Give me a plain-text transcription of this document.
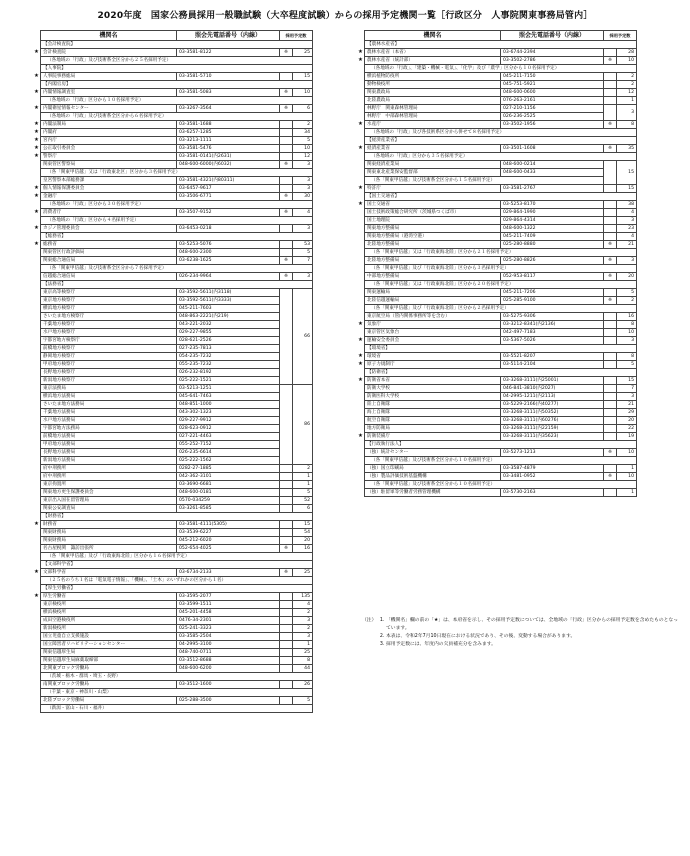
2020年度　国家公務員採用一般職試験（大卒程度試験）からの採用予定機関一覧［行政区分　人事院関東事務局管内］
機関名	照会先電話番号（内線）	採用予定数	
【会計検査院】			

★ 会計検査院	03-3581-8122	※	25
（各地域の「行政」及び技術系全区分から２５名採用予定）			
【人事院】			

★ 人事院事務総局	03-3581-5710		15
【内閣官房】			

★ 内閣情報調査室	03-3581-5083	※	10
（各地域の「行政」区分から１０名採用予定）			

★ 内閣衛星情報センター	03-3267-3564	※	6
（各地域の「行政」及び技術系全区分から６名採用予定）			

★ 内閣法制局	03-3581-1688		2

★ 内閣府	03-6257-1285		34

★ 宮内庁	03-3213-1111		5

★ 公正取引委員会	03-3581-5476		10

★ 警察庁	03-3581-0141(内2631)		12
関東管区警察局	048-600-6000(内6032)	※	3
（各「関東甲信越」又は「行政東北区」区分から３名採用予定）			
皇宮警察本部総務課	03-3581-4321(内80311)		3

★ 個人情報保護委員会	03-6457-9617		3

★ 金融庁	03-3506-6771	※	30
（各地域の「行政」区分から３０名採用予定）			

★ 消費者庁	03-3507-9152	※	4
（各地域の「行政」区分から４名採用予定）			

★ カジノ管理委員会	03-6453-0218		3
【総務省】			

★ 総務省	03-5253-5076		53
関東管区行政評価局	048-600-2300		5
関東総合通信局	03-6238-1625	※	7
（各「関東甲信越」及び技術系全区分から７名採用予定）			
信越総合通信局	026-234-9964	※	3
【法務省】			
東京高等検察庁	03-3592-5611(内3118)		66
東京地方検察庁	03-3592-5611(内3333)		
横浜地方検察庁	045-211-7603		
さいたま地方検察庁	048-863-2221(内219)		
千葉地方検察庁	043-221-2032		
水戸地方検察庁	029-227-9855		
宇都宮地方検察庁	028-621-2526		
前橋地方検察庁	027-235-7813		
静岡地方検察庁	054-235-7232		
甲府地方検察庁	055-235-7232		
長野地方検察庁	026-232-8192		
新潟地方検察庁	025-222-1521		
東京法務局	03-5213-1251		86
横浜地方法務局	045-641-7463		
さいたま地方法務局	048-851-1000		
千葉地方法務局	043-302-1323		
水戸地方法務局	029-227-9912		
宇都宮地方法務局	028-623-0912		
前橋地方法務局	027-221-4463		
甲府地方法務局	055-252-7152		
長野地方法務局	026-235-6614		
新潟地方法務局	025-222-1562		
府中刑務所	0282-27-1885		2
府中刑務所	042-362-3101		1
東京拘置所	03-3690-6681		1
関東地方更生保護委員会	048-600-0181		5
東京出入国在留管理局	0570-034259		52
関東公安調査局	03-3261-8585		6
【財務省】			

★ 財務省	03-3581-4111(5305)		15
関東財務局	03-3539-6227		54
関東財務局	045-212-6020		20
名古屋税関　諏訪出張所	052-654-4025	※	16
（各「関東甲信越」及び「行政東海北陸」区分から１６名採用予定）			
【文部科学省】			

★ 文部科学省	03-6734-2133	※	25
（２５名のうち１名は「電気電子情報」、「機械」、「土木」のいずれかの区分から１名）			
【厚生労働省】			

★ 厚生労働省	03-3595-2077		135
東京検疫所	03-3599-1511		4
横浜検疫所	045-201-4458		2
成田空港検疫所	0476-34-2301		3
新潟検疫所	025-241-3323		2
国立児童自立支援施設	03-3585-2504		3
国立障害者リハビリテーションセンター	04-2995-3100		1
関東信越厚生局	048-740-0711		25
関東信越厚生局麻薬取締部	03-3512-8688		8
北関東ブロック労働局	048-600-6200		44
（茨城・栃木・群馬・埼玉・長野）			
南関東ブロック労働局	03-3512-1600		26
（千葉・東京・神奈川・山梨）			
北陸ブロック労働局	025-288-3500		5
（新潟・富山・石川・福井）			
機関名	照会先電話番号（内線）	採用予定数	
【農林水産省】			

★ 農林水産省（本省）	03-6744-2394		28

★ 農林水産省（統計部）	03-3502-2786	※	10
（各地域の「行政」、「建築・機械・電気」、「化学」及び「農学」区分から１０名採用予定）			
横浜植物防疫所	045-211-7150		2
動物検疫所	045-751-5921		2
関東農政局	048-600-0600		12
北陸農政局	076-263-2161		1
林野庁　関東森林管理局	027-210-1156		3
林野庁　中部森林管理局	026-236-2525		

★ 水産庁	03-3502-1956	※	8
（各地域の「行政」及び各技術系区分から併せて８名採用予定）			
【経済産業省】			

★ 経済産業省	03-3501-1608	※	35
（各地域の「行政」区分から３５名採用予定）			
関東経済産業局	048-600-0214		15
関東東北産業保安監督部	048-600-0433		
（各「関東甲信越」及び技術系全区分から１５名採用予定）			

★ 特許庁	03-3581-2767		15
【国土交通省】			

★ 国土交通省	03-5253-8170		38
国土技術政策総合研究所（茨城県つくば市）	029-864-1990		4
国土地理院	029-864-4314		3
関東地方整備局	048-600-1322		23
関東地方整備局（港湾空港）	045-211-7409		4
北陸地方整備局	025-280-8880	※	21
（各「関東甲信越」又は「行政東海北陸」区分から２１名採用予定）			
北陸地方整備局	025-280-8826	※	3
（各「関東甲信越」及び「行政東海北陸」区分から３名採用予定）			
中部地方整備局	052-953-8117	※	20
（各「関東甲信越」又は「行政東海北陸」区分から２０名採用予定）			
関東運輸局	045-211-7206		5
北陸信越運輸局	025-285-9100	※	2
（各「関東甲信越」及び「行政東海北陸」区分から２名採用予定）			
東京航空局（管内関係事務所等を含む）	03-5275-9306		16

★ 気象庁	03-3212-8341(内2136)		8
東京管区気象台	042-497-7183		10

★ 運輸安全委員会	03-5367-5026		3
【環境省】			

★ 環境省	03-5521-8207		8

★ 原子力規制庁	03-5114-2104		5
【防衛省】			

★ 防衛省本省	03-3268-3111(内25001)		15
防衛大学校	046-841-3810(内2027)		7
防衛医科大学校	04-2995-1211(内2113)		3
陸上自衛隊	03-5229-2166(内40277)		21
海上自衛隊	03-3268-3111(内50352)		29
航空自衛隊	03-3268-3111(内60276)		20
地方防衛局	03-3268-3111(内22159)		22

★ 防衛装備庁	03-3268-3111(内35623)		19
【行政執行法人】			
（独）統計センター	03-5273-1213	※	10
（各「関東甲信越」及び技術系全区分から１０名採用予定）			
（独）国立印刷局	03-3587-4879		1
（独）製品評価技術基盤機構	03-3481-0952	※	10
（各「関東甲信越」及び技術系全区分から１０名採用予定）			
（独）駐留軍等労働者労務管理機構	03-5730-2163		1
（注） 1. 「機関名」欄の前の「★」は、本府省を示し、その採用予定数については、全地域の「行政」区分からの採用予定数を含めたものとなっています。
2. 本表は、令和2年7月10日現在における状況であり、その後、変動する場合があります。
3. 採用予定数には、年度内の欠員補充分を含みます。
